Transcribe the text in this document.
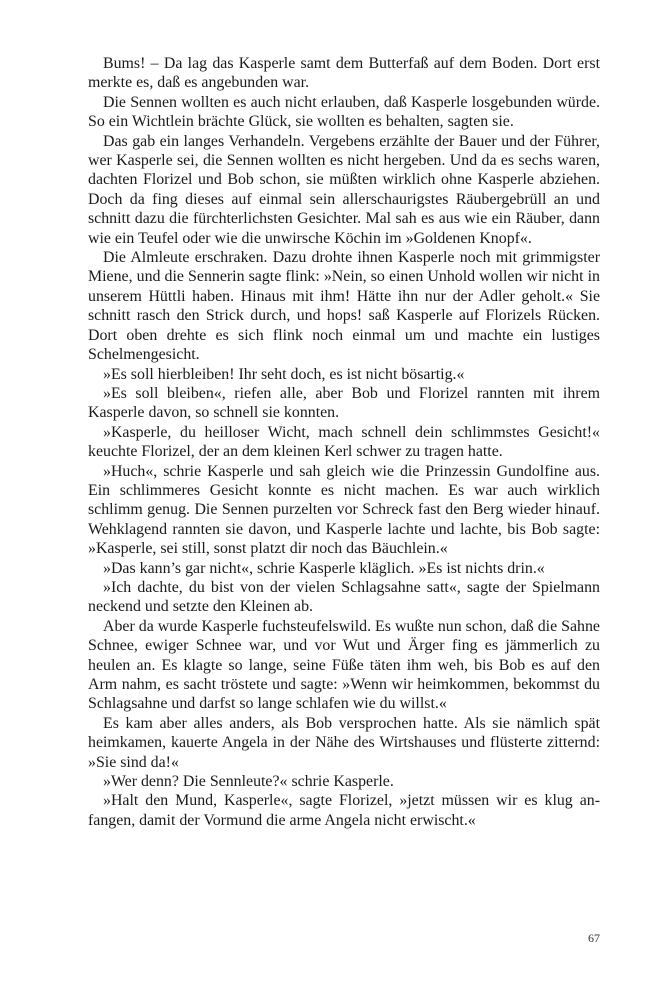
Bums! – Da lag das Kasperle samt dem Butterfaß auf dem Boden. Dort erst merkte es, daß es angebunden war.

Die Sennen wollten es auch nicht erlauben, daß Kasperle losgebunden würde. So ein Wichtlein brächte Glück, sie wollten es behalten, sagten sie.

Das gab ein langes Verhandeln. Vergebens erzählte der Bauer und der Führer, wer Kasperle sei, die Sennen wollten es nicht hergeben. Und da es sechs waren, dachten Florizel und Bob schon, sie müßten wirklich ohne Kasperle abziehen. Doch da fing dieses auf einmal sein allerschaurigstes Räubergebrüll an und schnitt dazu die fürchterlichsten Gesichter. Mal sah es aus wie ein Räuber, dann wie ein Teufel oder wie die unwirsche Köchin im »Goldenen Knopf«.

Die Almleute erschraken. Dazu drohte ihnen Kasperle noch mit grimmigster Miene, und die Sennerin sagte flink: »Nein, so einen Unhold wollen wir nicht in unserem Hüttli haben. Hinaus mit ihm! Hätte ihn nur der Adler geholt.« Sie schnitt rasch den Strick durch, und hops! saß Kasperle auf Florizels Rücken. Dort oben drehte es sich flink noch einmal um und machte ein lustiges Schelmengesicht.

»Es soll hierbleiben! Ihr seht doch, es ist nicht bösartig.«

»Es soll bleiben«, riefen alle, aber Bob und Florizel rannten mit ihrem Kasperle davon, so schnell sie konnten.

»Kasperle, du heilloser Wicht, mach schnell dein schlimmstes Gesicht!« keuchte Florizel, der an dem kleinen Kerl schwer zu tragen hatte.

»Huch«, schrie Kasperle und sah gleich wie die Prinzessin Gundolfine aus. Ein schlimmeres Gesicht konnte es nicht machen. Es war auch wirklich schlimm genug. Die Sennen purzelten vor Schreck fast den Berg wieder hinauf. Wehklagend rannten sie davon, und Kasperle lachte und lachte, bis Bob sagte: »Kasperle, sei still, sonst platzt dir noch das Bäuchlein.«

»Das kann’s gar nicht«, schrie Kasperle kläglich. »Es ist nichts drin.«

»Ich dachte, du bist von der vielen Schlagsahne satt«, sagte der Spielmann neckend und setzte den Kleinen ab.

Aber da wurde Kasperle fuchsteufelswild. Es wußte nun schon, daß die Sahne Schnee, ewiger Schnee war, und vor Wut und Ärger fing es jämmerlich zu heulen an. Es klagte so lange, seine Füße täten ihm weh, bis Bob es auf den Arm nahm, es sacht tröstete und sagte: »Wenn wir heimkommen, bekommst du Schlagsahne und darfst so lange schlafen wie du willst.«

Es kam aber alles anders, als Bob versprochen hatte. Als sie nämlich spät heimkamen, kauerte Angela in der Nähe des Wirtshauses und flüsterte zitternd: »Sie sind da!«

»Wer denn? Die Sennleute?« schrie Kasperle.

»Halt den Mund, Kasperle«, sagte Florizel, »jetzt müssen wir es klug anfangen, damit der Vormund die arme Angela nicht erwischt.«

67
